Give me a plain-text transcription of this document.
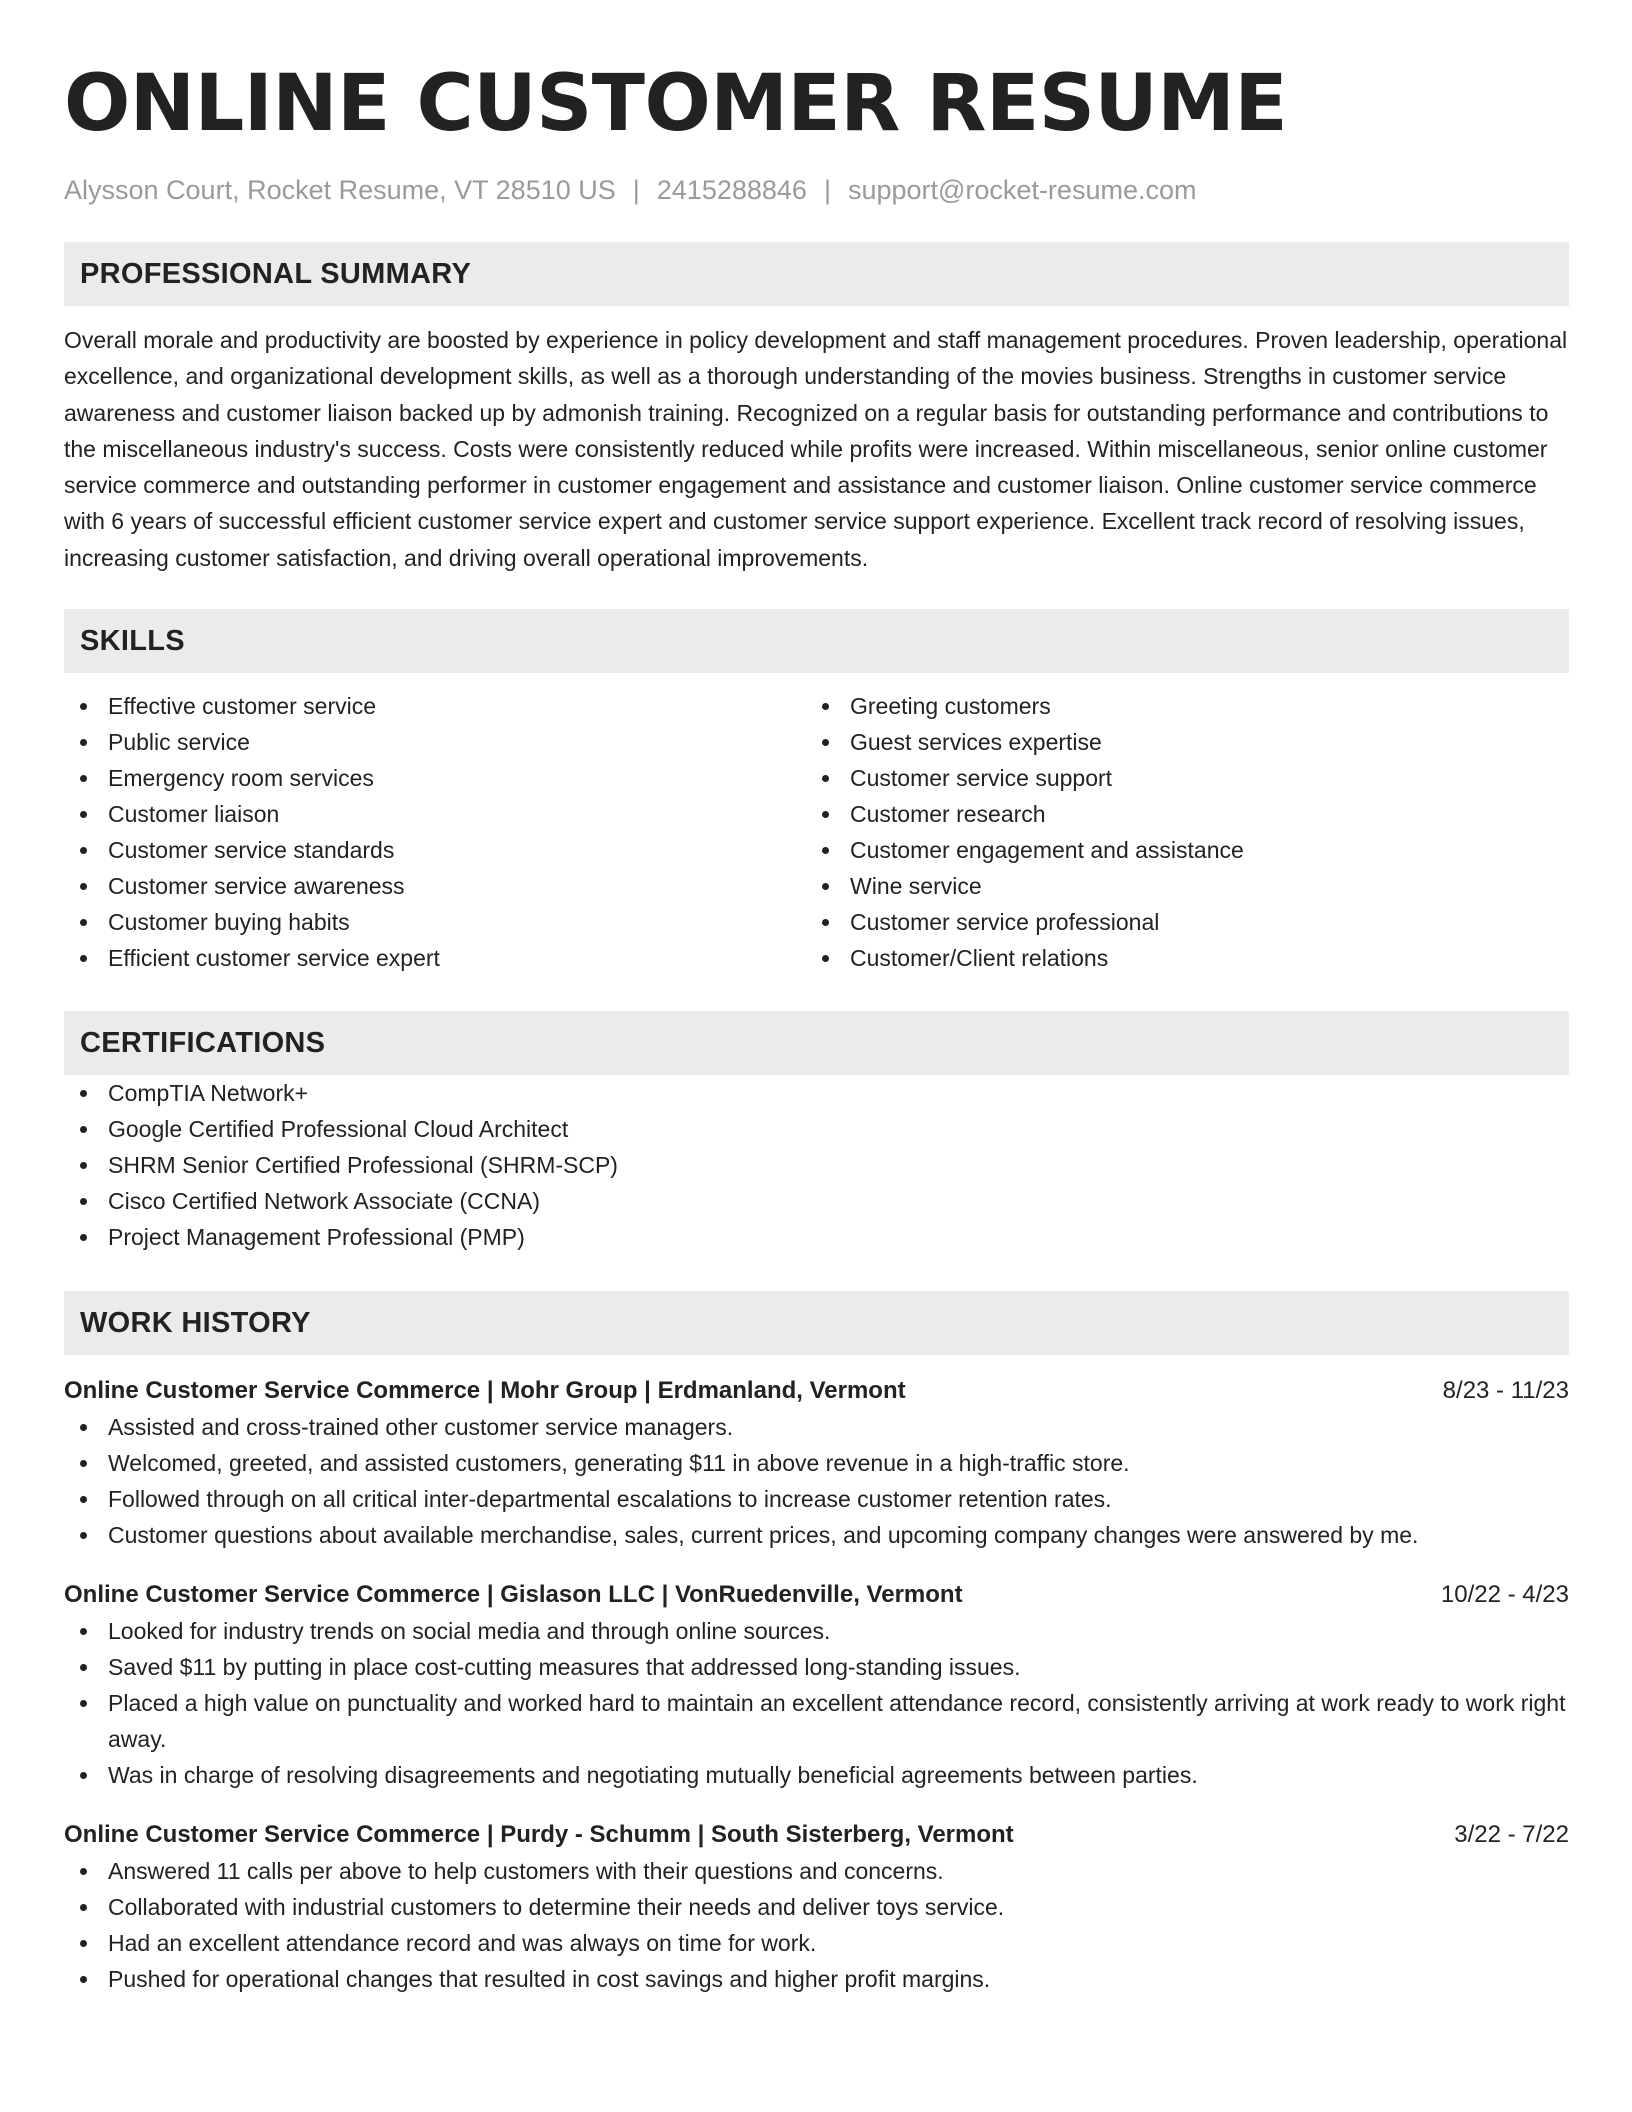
ONLINE CUSTOMER RESUME
Alysson Court, Rocket Resume, VT 28510 US | 2415288846 | support@rocket-resume.com
PROFESSIONAL SUMMARY
Overall morale and productivity are boosted by experience in policy development and staff management procedures. Proven leadership, operational excellence, and organizational development skills, as well as a thorough understanding of the movies business. Strengths in customer service awareness and customer liaison backed up by admonish training. Recognized on a regular basis for outstanding performance and contributions to the miscellaneous industry's success. Costs were consistently reduced while profits were increased. Within miscellaneous, senior online customer service commerce and outstanding performer in customer engagement and assistance and customer liaison. Online customer service commerce with 6 years of successful efficient customer service expert and customer service support experience. Excellent track record of resolving issues, increasing customer satisfaction, and driving overall operational improvements.
SKILLS
Effective customer service
Public service
Emergency room services
Customer liaison
Customer service standards
Customer service awareness
Customer buying habits
Efficient customer service expert
Greeting customers
Guest services expertise
Customer service support
Customer research
Customer engagement and assistance
Wine service
Customer service professional
Customer/Client relations
CERTIFICATIONS
CompTIA Network+
Google Certified Professional Cloud Architect
SHRM Senior Certified Professional (SHRM-SCP)
Cisco Certified Network Associate (CCNA)
Project Management Professional (PMP)
WORK HISTORY
Online Customer Service Commerce | Mohr Group | Erdmanland, Vermont	8/23 - 11/23
Assisted and cross-trained other customer service managers.
Welcomed, greeted, and assisted customers, generating $11 in above revenue in a high-traffic store.
Followed through on all critical inter-departmental escalations to increase customer retention rates.
Customer questions about available merchandise, sales, current prices, and upcoming company changes were answered by me.
Online Customer Service Commerce | Gislason LLC | VonRuedenville, Vermont	10/22 - 4/23
Looked for industry trends on social media and through online sources.
Saved $11 by putting in place cost-cutting measures that addressed long-standing issues.
Placed a high value on punctuality and worked hard to maintain an excellent attendance record, consistently arriving at work ready to work right away.
Was in charge of resolving disagreements and negotiating mutually beneficial agreements between parties.
Online Customer Service Commerce | Purdy - Schumm | South Sisterberg, Vermont	3/22 - 7/22
Answered 11 calls per above to help customers with their questions and concerns.
Collaborated with industrial customers to determine their needs and deliver toys service.
Had an excellent attendance record and was always on time for work.
Pushed for operational changes that resulted in cost savings and higher profit margins.
